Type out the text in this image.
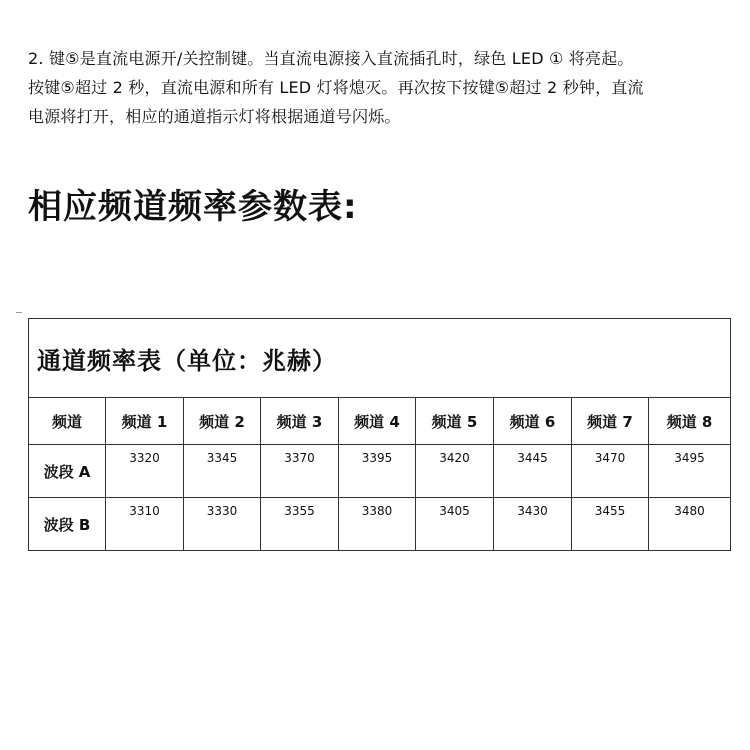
2. 键⑤是直流电源开/关控制键。当直流电源接入直流插孔时，绿色 LED ① 将亮起。

按键⑤超过 2 秒，直流电源和所有 LED 灯将熄灭。再次按下按键⑤超过 2 秒钟，直流

电源将打开，相应的通道指示灯将根据通道号闪烁。

相应频道频率参数表:
通道频率表（单位：兆赫）								
频道	频道 1	频道 2	频道 3	频道 4	频道 5	频道 6	频道 7	频道 8
波段 A	3320	3345	3370	3395	3420	3445	3470	3495
波段 B	3310	3330	3355	3380	3405	3430	3455	3480
